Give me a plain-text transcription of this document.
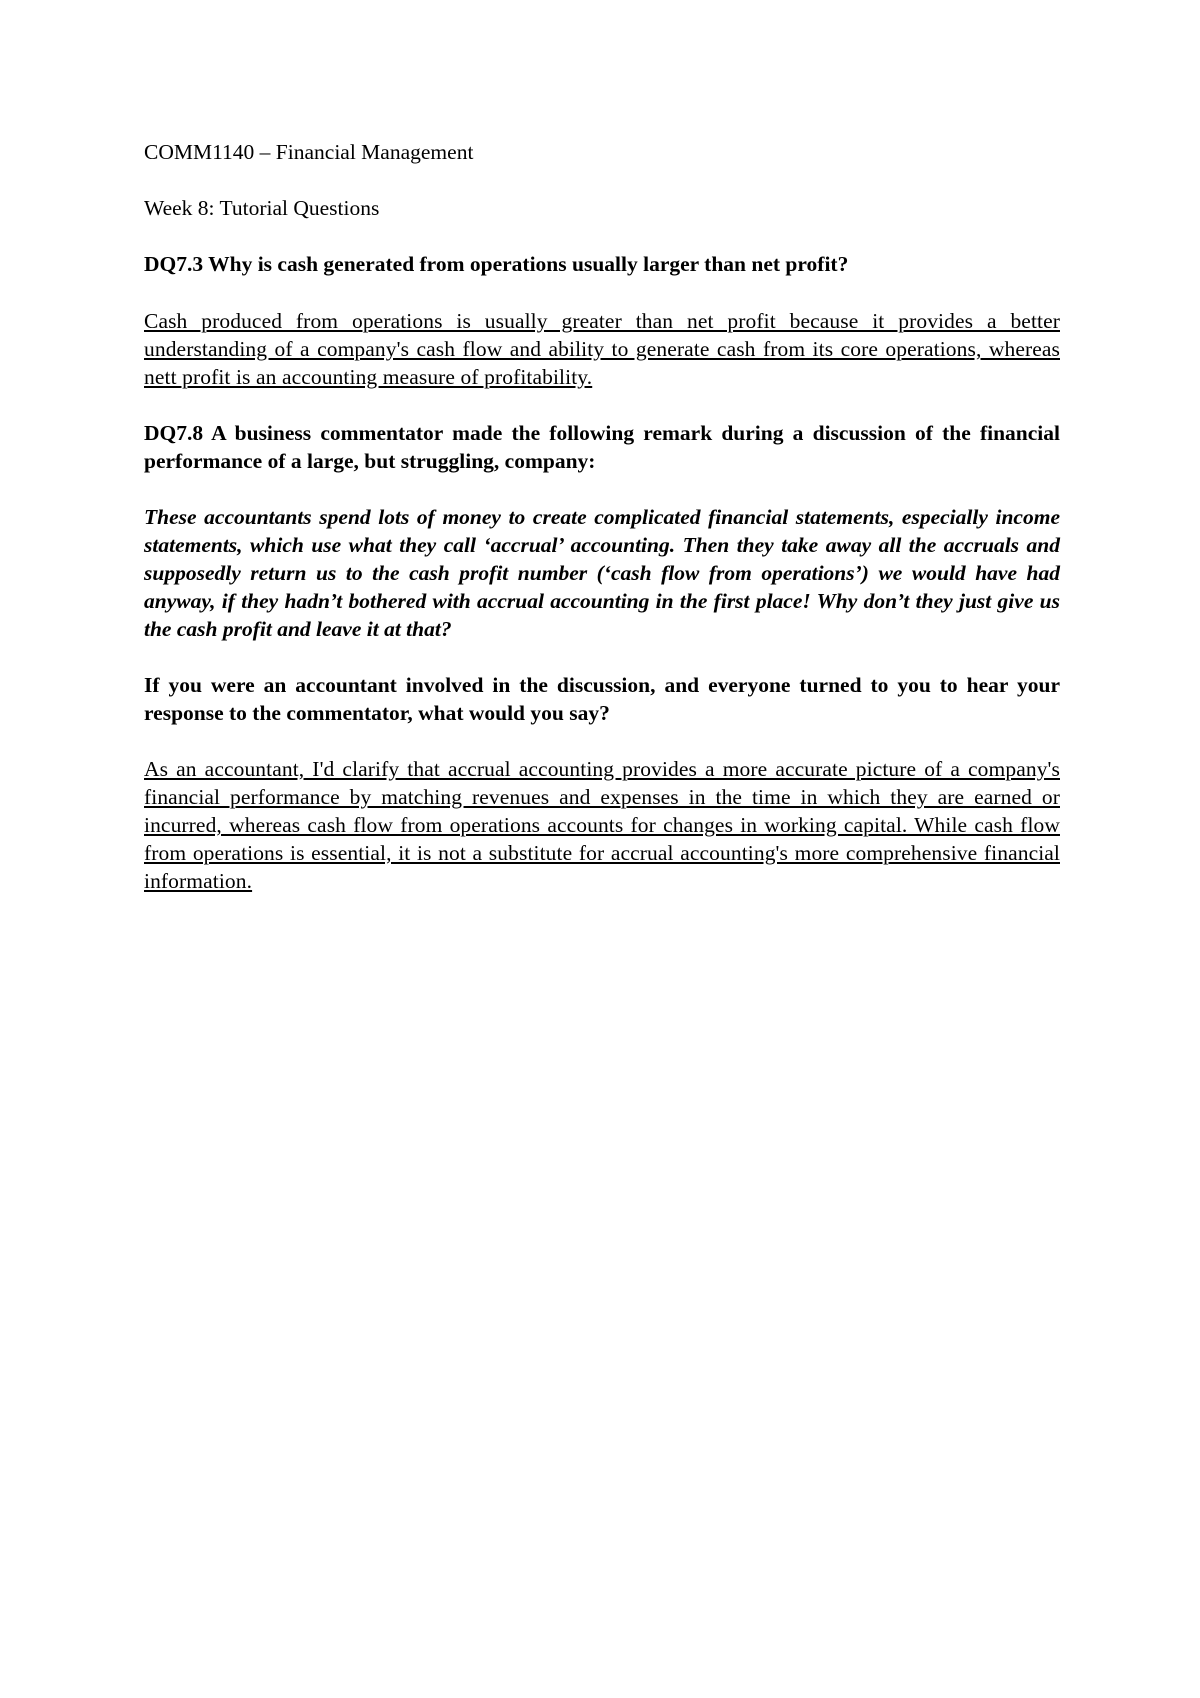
COMM1140 – Financial Management

Week 8: Tutorial Questions

DQ7.3 Why is cash generated from operations usually larger than net profit?

Cash produced from operations is usually greater than net profit because it provides a better understanding of a company's cash flow and ability to generate cash from its core operations, whereas nett profit is an accounting measure of profitability.

DQ7.8 A business commentator made the following remark during a discussion of the financial performance of a large, but struggling, company:

These accountants spend lots of money to create complicated financial statements, especially income statements, which use what they call ‘accrual’ accounting. Then they take away all the accruals and supposedly return us to the cash profit number (‘cash flow from operations’) we would have had anyway, if they hadn’t bothered with accrual accounting in the first place! Why don’t they just give us the cash profit and leave it at that?

If you were an accountant involved in the discussion, and everyone turned to you to hear your response to the commentator, what would you say?

As an accountant, I'd clarify that accrual accounting provides a more accurate picture of a company's financial performance by matching revenues and expenses in the time in which they are earned or incurred, whereas cash flow from operations accounts for changes in working capital. While cash flow from operations is essential, it is not a substitute for accrual accounting's more comprehensive financial information.
